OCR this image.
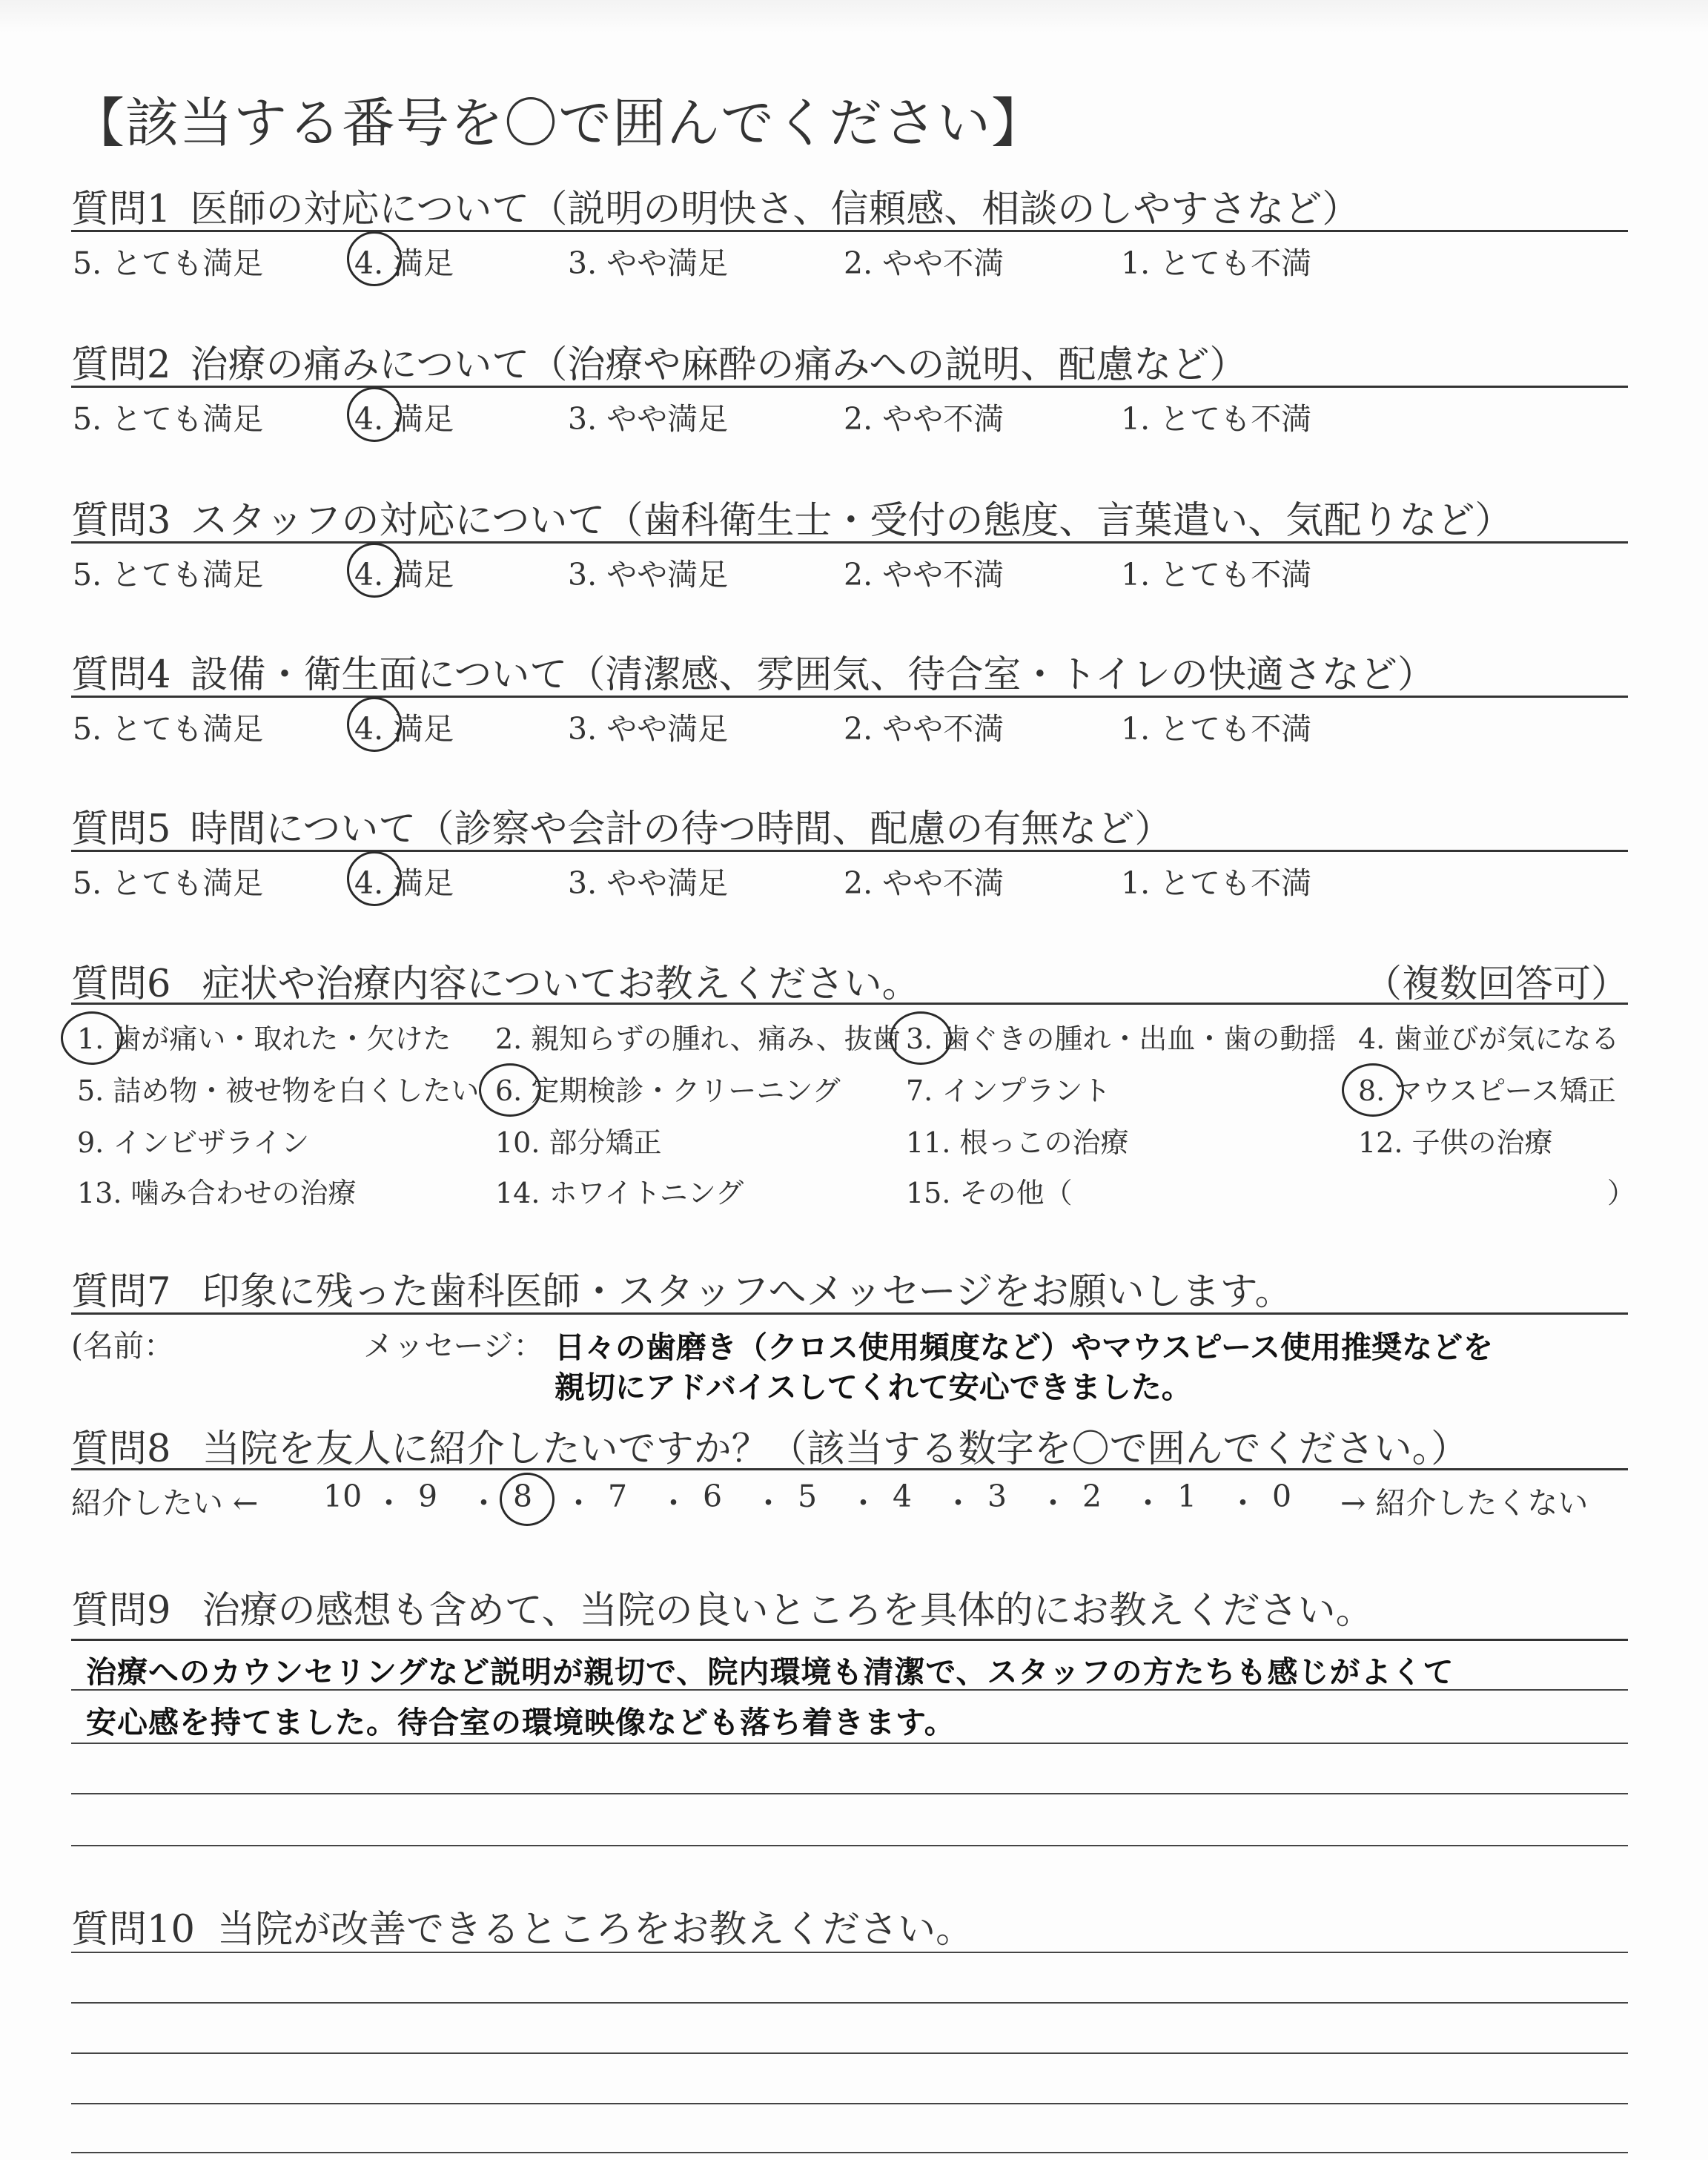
【該当する番号を〇で囲んでください】
質問1 医師の対応について（説明の明快さ、信頼感、相談のしやすさなど）
5. とても満足	4. 満足	3. やや満足	2. やや不満	1. とても不満
質問2 治療の痛みについて（治療や麻酔の痛みへの説明、配慮など）
5. とても満足	4. 満足	3. やや満足	2. やや不満	1. とても不満
質問3 スタッフの対応について（歯科衛生士・受付の態度、言葉遣い、気配りなど）
5. とても満足	4. 満足	3. やや満足	2. やや不満	1. とても不満
質問4 設備・衛生面について（清潔感、雰囲気、待合室・トイレの快適さなど）
5. とても満足	4. 満足	3. やや満足	2. やや不満	1. とても不満
質問5 時間について（診察や会計の待つ時間、配慮の有無など）
5. とても満足	4. 満足	3. やや満足	2. やや不満	1. とても不満
質問6 症状や治療内容についてお教えください。	（複数回答可）
1. 歯が痛い・取れた・欠けた 2. 親知らずの腫れ、痛み、抜歯 3. 歯ぐきの腫れ・出血・歯の動揺 4. 歯並びが気になる
5. 詰め物・被せ物を白くしたい 6. 定期検診・クリーニング 7. インプラント	8. マウスピース矯正
9. インビザライン	10. 部分矯正	11. 根っこの治療	12. 子供の治療
13. 噛み合わせの治療	14. ホワイトニング	15. その他（	）
質問7 印象に残った歯科医師・スタッフへメッセージをお願いします。
(名前：	メッセージ： 日々の歯磨き（クロス使用頻度など）やマウスピース使用推奨などを
親切にアドバイスしてくれて安心できました。
質問8 当院を友人に紹介したいですか？（該当する数字を〇で囲んでください。）
紹介したい ←	→ 紹介したくない
10 ・ 9 ・ 8 ・ 7 ・ 6 ・ 5 ・ 4 ・ 3 ・ 2 ・ 1 ・ 0
質問9 治療の感想も含めて、当院の良いところを具体的にお教えください。
治療へのカウンセリングなど説明が親切で、院内環境も清潔で、スタッフの方たちも感じがよくて
安心感を持てました。待合室の環境映像なども落ち着きます。
質問10 当院が改善できるところをお教えください。
